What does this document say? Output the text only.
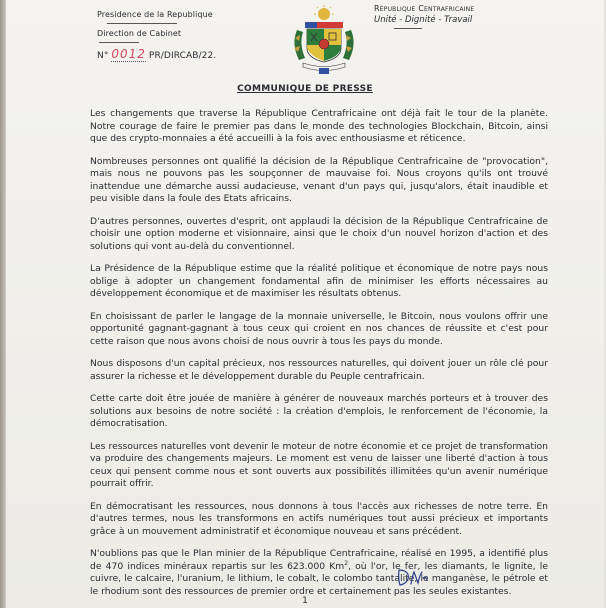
Presidence de la Republique
Direction de Cabinet
N° 0012 PR/DIRCAB/22.
République Centrafricaine
Unité - Dignité - Travail
COMMUNIQUE DE PRESSE

Les changements que traverse la République Centrafricaine ont déjà fait le tour de la planète. Notre courage de faire le premier pas dans le monde des technologies Blockchain, Bitcoin, ainsi que des crypto-monnaies a été accueilli à la fois avec enthousiasme et réticence.

Nombreuses personnes ont qualifié la décision de la République Centrafricaine de "provocation", mais nous ne pouvons pas les soupçonner de mauvaise foi. Nous croyons qu'ils ont trouvé inattendue une démarche aussi audacieuse, venant d'un pays qui, jusqu'alors, était inaudible et peu visible dans la foule des Etats africains.

D'autres personnes, ouvertes d'esprit, ont applaudi la décision de la République Centrafricaine de choisir une option moderne et visionnaire, ainsi que le choix d'un nouvel horizon d'action et des solutions qui vont au-delà du conventionnel.

La Présidence de la République estime que la réalité politique et économique de notre pays nous oblige à adopter un changement fondamental afin de minimiser les efforts nécessaires au développement économique et de maximiser les résultats obtenus.

En choisissant de parler le langage de la monnaie universelle, le Bitcoin, nous voulons offrir une opportunité gagnant-gagnant à tous ceux qui croient en nos chances de réussite et c'est pour cette raison que nous avons choisi de nous ouvrir à tous les pays du monde.

Nous disposons d'un capital précieux, nos ressources naturelles, qui doivent jouer un rôle clé pour assurer la richesse et le développement durable du Peuple centrafricain.

Cette carte doit être jouée de manière à générer de nouveaux marchés porteurs et à trouver des solutions aux besoins de notre société : la création d'emplois, le renforcement de l'économie, la démocratisation.

Les ressources naturelles vont devenir le moteur de notre économie et ce projet de transformation va produire des changements majeurs. Le moment est venu de laisser une liberté d'action à tous ceux qui pensent comme nous et sont ouverts aux possibilités illimitées qu'un avenir numérique pourrait offrir.

En démocratisant les ressources, nous donnons à tous l'accès aux richesses de notre terre. En d'autres termes, nous les transformons en actifs numériques tout aussi précieux et importants grâce à un mouvement administratif et économique nouveau et sans précédent.

N'oublions pas que le Plan minier de la République Centrafricaine, réalisé en 1995, a identifié plus de 470 indices minéraux repartis sur les 623.000 Km$^2$, où l'or, le fer, les diamants, le lignite, le cuivre, le calcaire, l'uranium, le lithium, le cobalt, le colombo tantalite, le manganèse, le pétrole et le rhodium sont des ressources de premier ordre et certainement pas les seules existantes.

1
